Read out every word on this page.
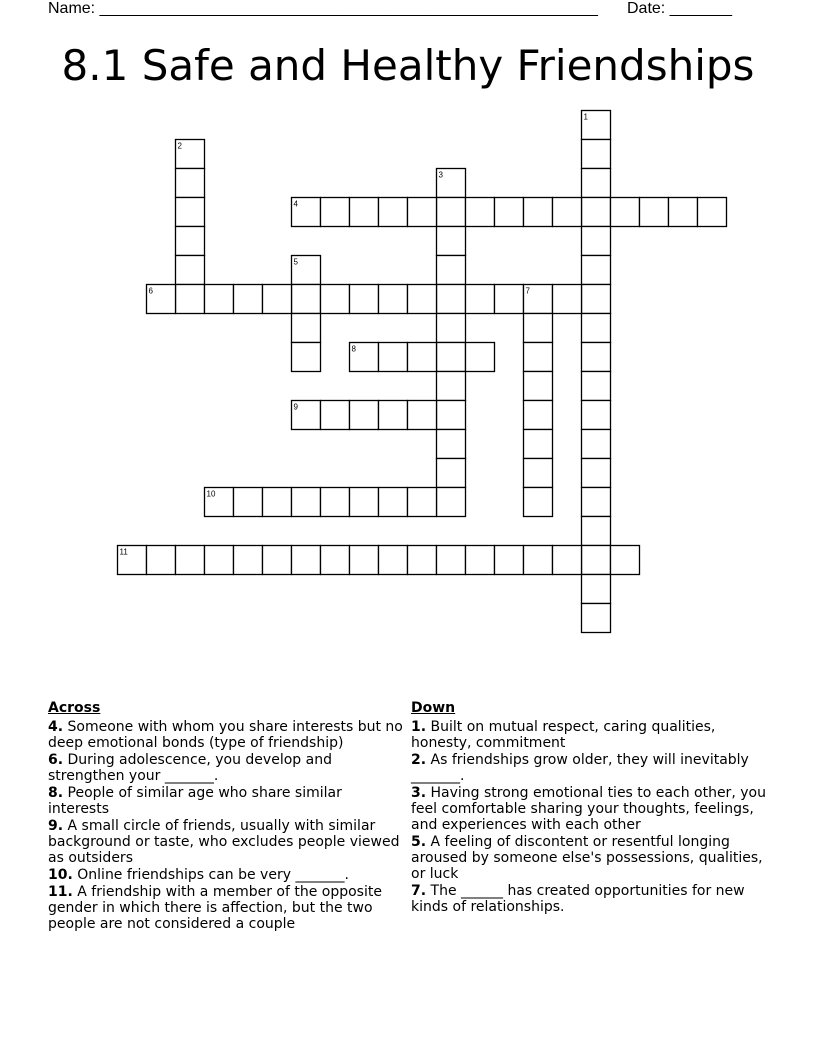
Name: ________________________________________________________ Date: _______
8.1 Safe and Healthy Friendships
1
2
3
4
5
6	7
8
9
10
11
Across
4. Someone with whom you share interests but no deep emotional bonds (type of friendship)
6. During adolescence, you develop and strengthen your _______.
8. People of similar age who share similar interests
9. A small circle of friends, usually with similar background or taste, who excludes people viewed as outsiders
10. Online friendships can be very _______.
11. A friendship with a member of the opposite gender in which there is affection, but the two people are not considered a couple
Down
1. Built on mutual respect, caring qualities, honesty, commitment
2. As friendships grow older, they will inevitably _______.
3. Having strong emotional ties to each other, you feel comfortable sharing your thoughts, feelings, and experiences with each other
5. A feeling of discontent or resentful longing aroused by someone else's possessions, qualities, or luck
7. The ______ has created opportunities for new kinds of relationships.
